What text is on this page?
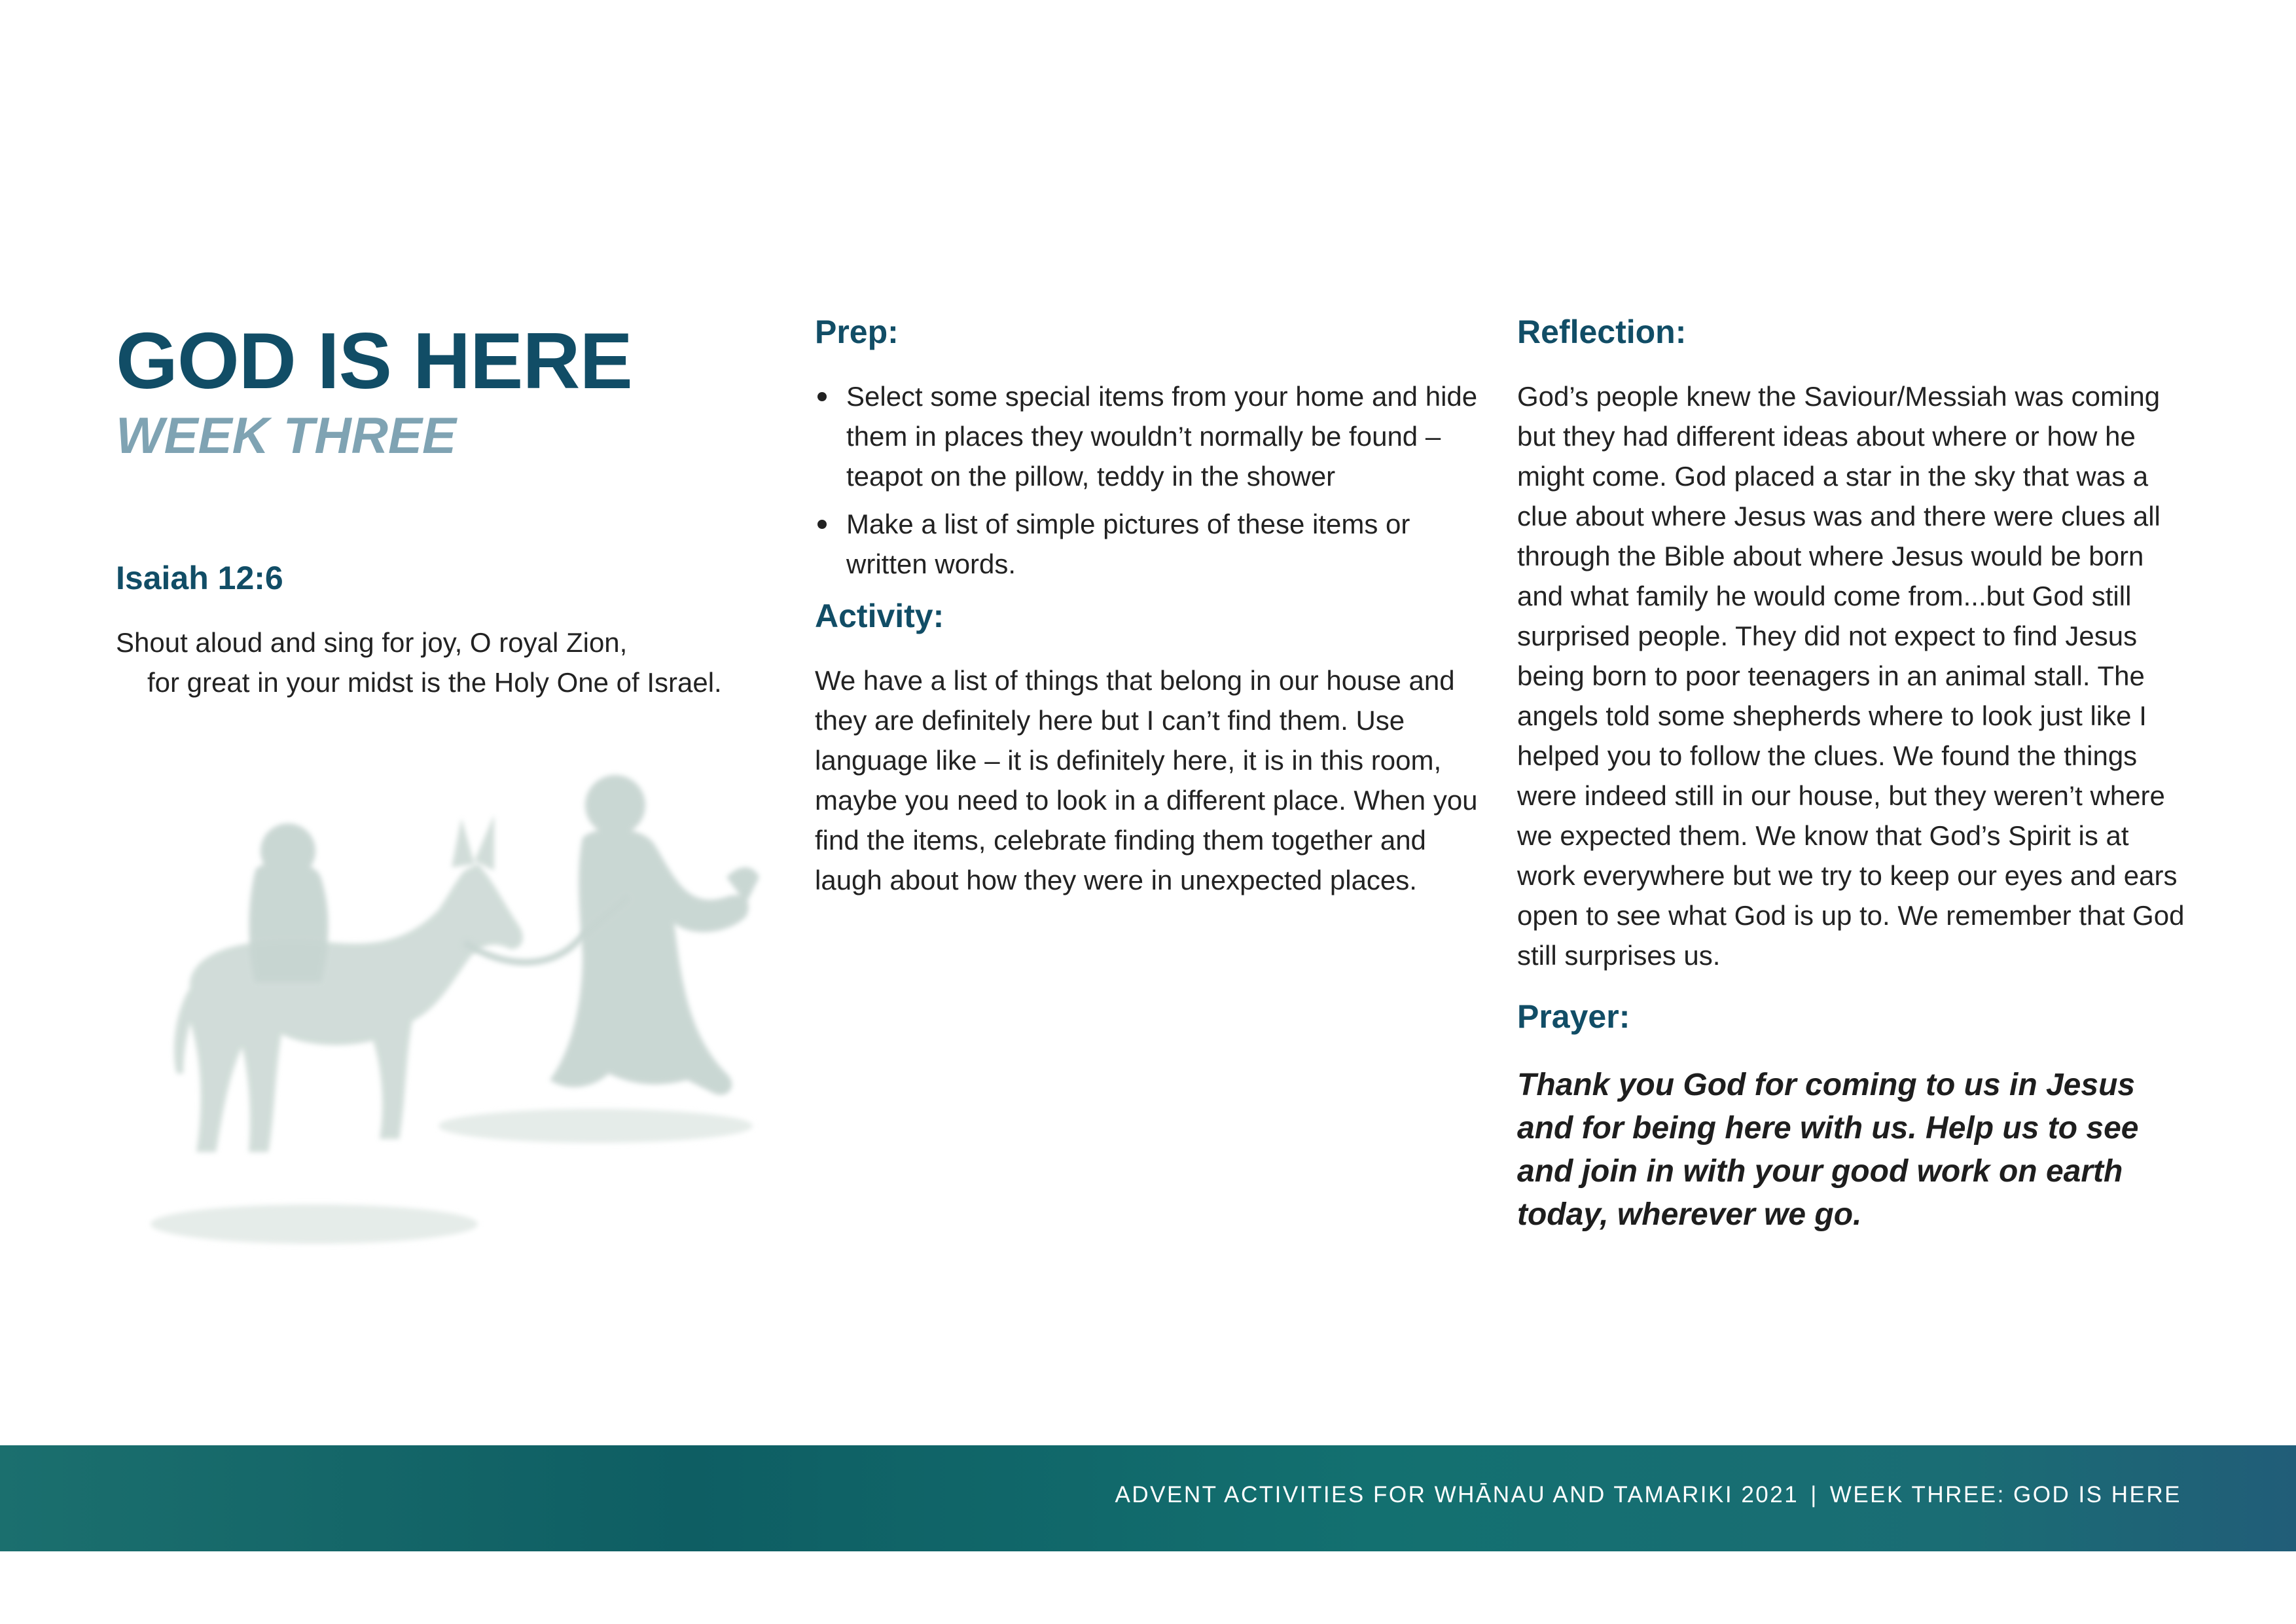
GOD IS HERE
WEEK THREE
Isaiah 12:6

Shout aloud and sing for joy, O royal Zion,
for great in your midst is the Holy One of Israel.

Prep:
Select some special items from your home and hide them in places they wouldn’t normally be found – teapot on the pillow, teddy in the shower
Make a list of simple pictures of these items or written words.
Activity:

We have a list of things that belong in our house and they are definitely here but I can’t find them. Use language like – it is definitely here, it is in this room, maybe you need to look in a different place. When you find the items, celebrate finding them together and laugh about how they were in unexpected places.

Reflection:

God’s people knew the Saviour/Messiah was coming but they had different ideas about where or how he might come. God placed a star in the sky that was a clue about where Jesus was and there were clues all through the Bible about where Jesus would be born and what family he would come from...but God still surprised people. They did not expect to find Jesus being born to poor teenagers in an animal stall. The angels told some shepherds where to look just like I helped you to follow the clues. We found the things were indeed still in our house, but they weren’t where we expected them. We know that God’s Spirit is at work everywhere but we try to keep our eyes and ears open to see what God is up to. We remember that God still surprises us.

Prayer:

Thank you God for coming to us in Jesus and for being here with us. Help us to see and join in with your good work on earth today, wherever we go.

ADVENT ACTIVITIES FOR WHĀNAU AND TAMARIKI 2021 | WEEK THREE: GOD IS HERE
